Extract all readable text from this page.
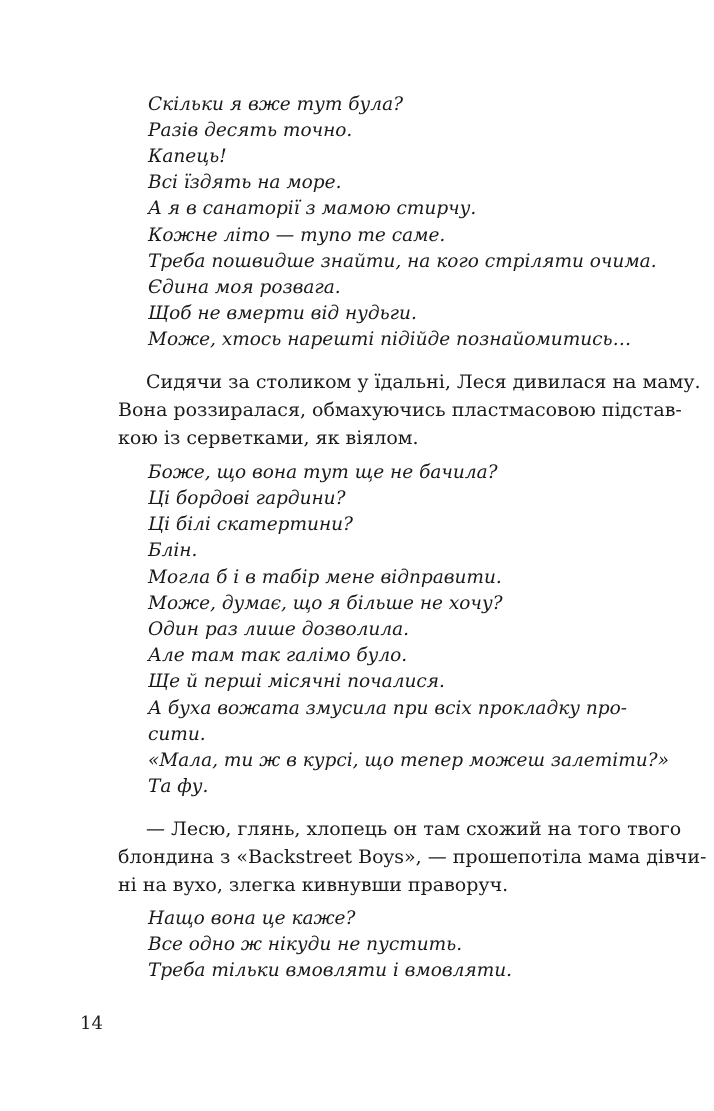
Скільки я вже тут була?
Разів десять точно.
Капець!
Всі їздять на море.
А я в санаторії з мамою стирчу.
Кожне літо — тупо те саме.
Треба пошвидше знайти, на кого стріляти очима.
Єдина моя розвага.
Щоб не вмерти від нудьги.
Може, хтось нарешті підійде познайомитись…
Сидячи за столиком у їдальні, Леся дивилася на маму.
Вона роззиралася, обмахуючись пластмасовою підстав-
кою із серветками, як віялом.
Боже, що вона тут ще не бачила?
Ці бордові гардини?
Ці білі скатертини?
Блін.
Могла б і в табір мене відправити.
Може, думає, що я більше не хочу?
Один раз лише дозволила.
Але там так галімо було.
Ще й перші місячні почалися.
А буха вожата змусила при всіх прокладку про-
сити.
«Мала, ти ж в курсі, що тепер можеш залетіти?»
Та фу.
— Лесю, глянь, хлопець он там схожий на того твого
блондина з «Backstreet Boys», — прошепотіла мама дівчи-
ні на вухо, злегка кивнувши праворуч.
Нащо вона це каже?
Все одно ж нікуди не пустить.
Треба тільки вмовляти і вмовляти.
14
